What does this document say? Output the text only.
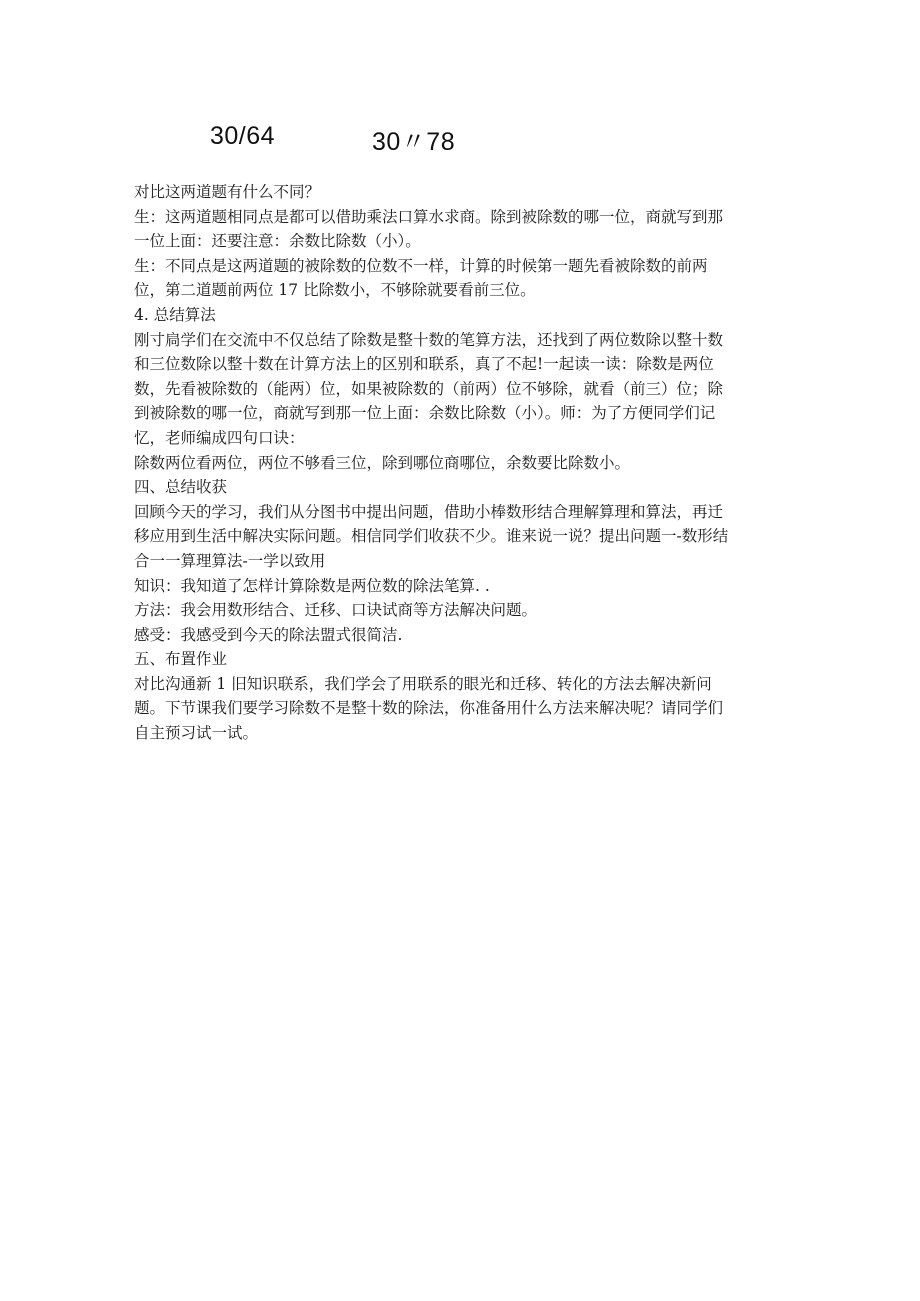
30/64	30〃78
对比这两道题有什么不同？
生：这两道题相同点是都可以借助乘法口算水求商。除到被除数的哪一位，商就写到那
一位上面：还要注意：余数比除数（小）。
生：不同点是这两道题的被除数的位数不一样，计算的时候第一题先看被除数的前两
位，第二道题前两位 17 比除数小，不够除就要看前三位。
4. 总结算法
刚寸扃学们在交流中不仅总结了除数是整十数的笔算方法，还找到了两位数除以整十数
和三位数除以整十数在计算方法上的区别和联系，真了不起!一起读一读：除数是两位
数，先看被除数的（能两）位，如果被除数的（前两）位不够除，就看（前三）位；除
到被除数的哪一位，商就写到那一位上面：余数比除数（小）。师：为了方便同学们记
忆，老师编成四句口诀：
除数两位看两位，两位不够看三位，除到哪位商哪位，余数要比除数小。
四、总结收获
回顾今天的学习，我们从分图书中提出问题，借助小棒数形结合理解算理和算法，再迁
移应用到生活中解决实际问题。相信同学们收获不少。谁来说一说？提出问题一-数形结
合一一算理算法-一学以致用
知识：我知道了怎样计算除数是两位数的除法笔算. .
方法：我会用数形结合、迁移、口诀试商等方法解决问题。
感受：我感受到今天的除法盟式很简洁.
五、布置作业
对比沟通新 1 旧知识联系，我们学会了用联系的眼光和迁移、转化的方法去解决新问
题。下节课我们要学习除数不是整十数的除法，你准备用什么方法来解决呢？请同学们
自主预习试一试。
